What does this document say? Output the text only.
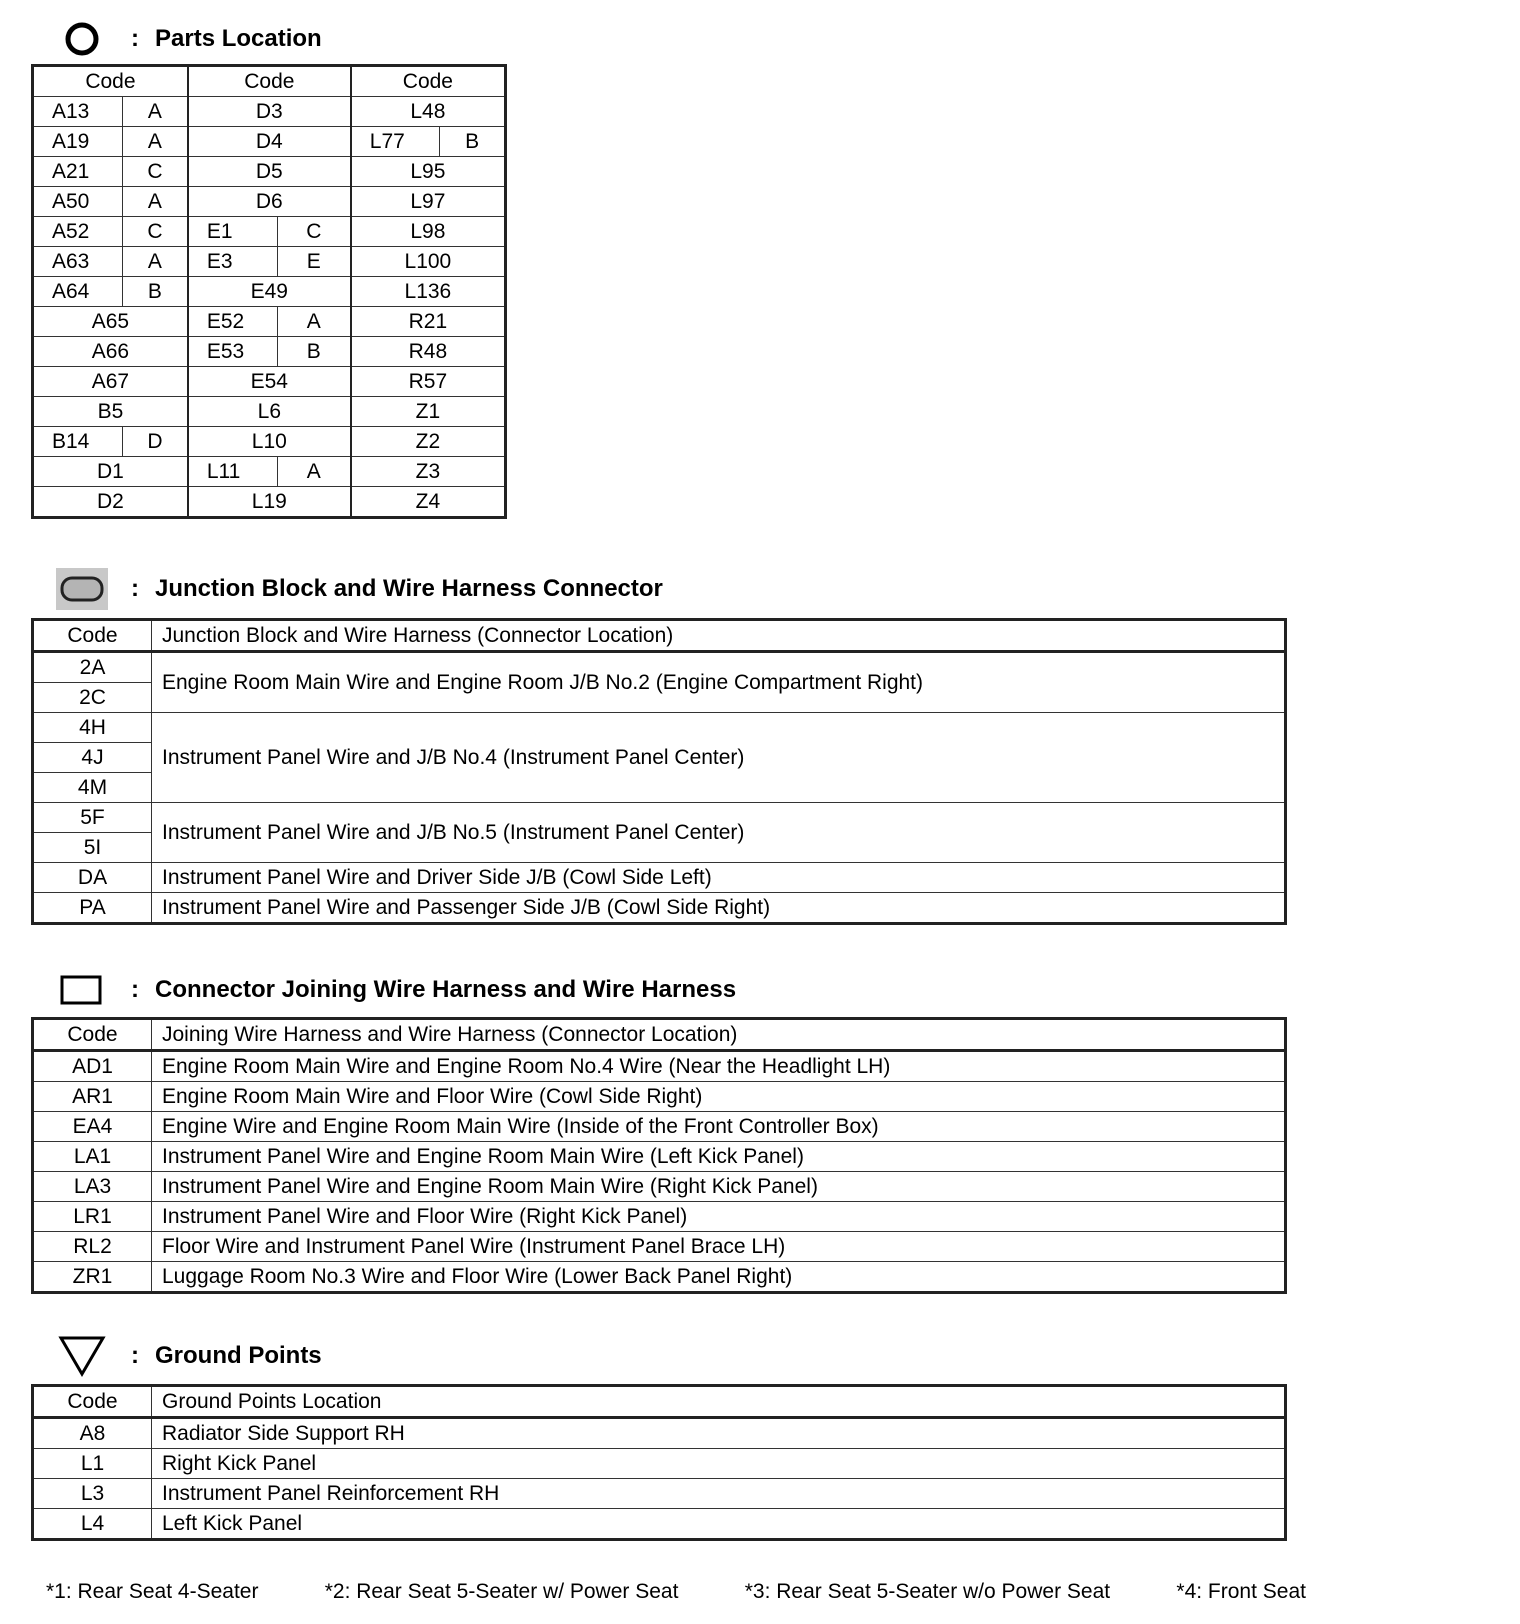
: Parts Location
Code		Code		Code	
A13	A	D3		L48	
A19	A	D4		L77	B
A21	C	D5		L95	
A50	A	D6		L97	
A52	C	E1	C	L98	
A63	A	E3	E	L100	
A64	B	E49		L136	
A65		E52	A	R21	
A66		E53	B	R48	
A67		E54		R57	
B5		L6		Z1	
B14	D	L10		Z2	
D1		L11	A	Z3	
D2		L19		Z4	
: Junction Block and Wire Harness Connector
Code	Junction Block and Wire Harness (Connector Location)
2A	Engine Room Main Wire and Engine Room J/B No.2 (Engine Compartment Right)
2C	
4H	Instrument Panel Wire and J/B No.4 (Instrument Panel Center)
4J	
4M	
5F	Instrument Panel Wire and J/B No.5 (Instrument Panel Center)
5I	
DA	Instrument Panel Wire and Driver Side J/B (Cowl Side Left)
PA	Instrument Panel Wire and Passenger Side J/B (Cowl Side Right)
: Connector Joining Wire Harness and Wire Harness
Code	Joining Wire Harness and Wire Harness (Connector Location)
AD1	Engine Room Main Wire and Engine Room No.4 Wire (Near the Headlight LH)
AR1	Engine Room Main Wire and Floor Wire (Cowl Side Right)
EA4	Engine Wire and Engine Room Main Wire (Inside of the Front Controller Box)
LA1	Instrument Panel Wire and Engine Room Main Wire (Left Kick Panel)
LA3	Instrument Panel Wire and Engine Room Main Wire (Right Kick Panel)
LR1	Instrument Panel Wire and Floor Wire (Right Kick Panel)
RL2	Floor Wire and Instrument Panel Wire (Instrument Panel Brace LH)
ZR1	Luggage Room No.3 Wire and Floor Wire (Lower Back Panel Right)
: Ground Points
Code	Ground Points Location
A8	Radiator Side Support RH
L1	Right Kick Panel
L3	Instrument Panel Reinforcement RH
L4	Left Kick Panel
*1: Rear Seat 4-Seater	*2: Rear Seat 5-Seater w/ Power Seat	*3: Rear Seat 5-Seater w/o Power Seat	*4: Front Seat
